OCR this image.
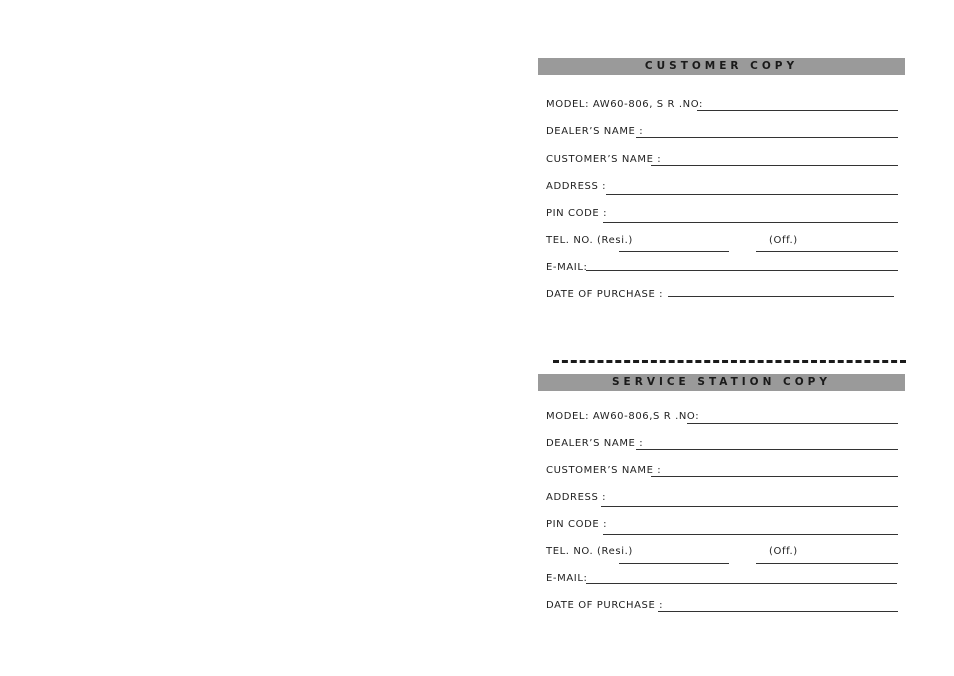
CUSTOMER COPY
MODEL: AW60-806, S R .NO:
DEALER’S NAME :
CUSTOMER’S NAME :
ADDRESS :
PIN CODE :
TEL. NO. (Resi.)	(Off.)
E-MAIL:
DATE OF PURCHASE :
SERVICE STATION COPY
MODEL: AW60-806,S R .NO:
DEALER’S NAME :
CUSTOMER’S NAME :
ADDRESS :
PIN CODE :
TEL. NO. (Resi.)	(Off.)
E-MAIL:
DATE OF PURCHASE :
